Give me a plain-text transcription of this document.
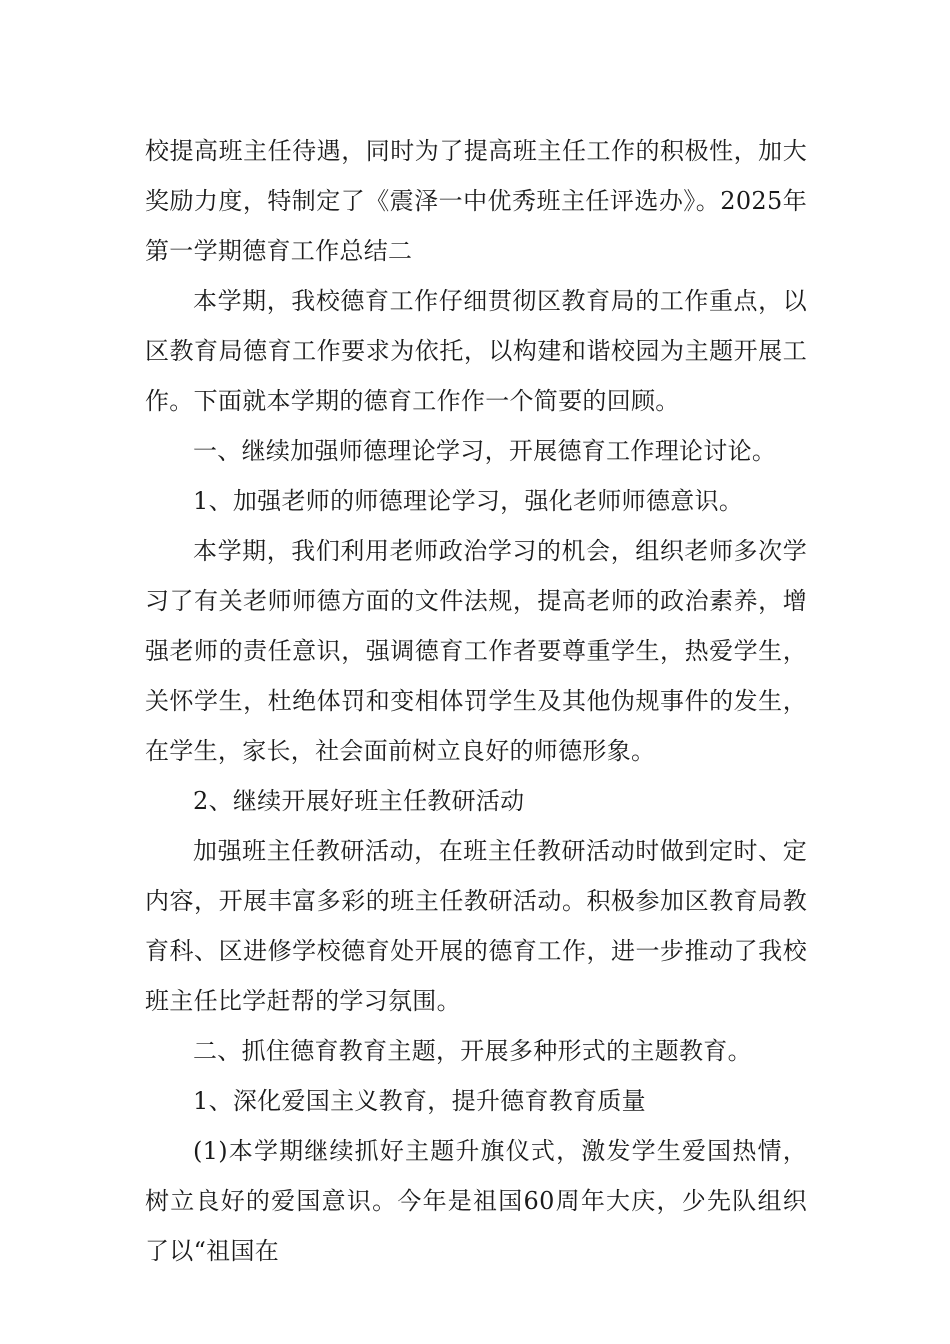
校提高班主任待遇，同时为了提高班主任工作的积极性，加大奖励力度，特制定了《震泽一中优秀班主任评选办》。2025年第一学期德育工作总结二

本学期，我校德育工作仔细贯彻区教育局的工作重点，以区教育局德育工作要求为依托，以构建和谐校园为主题开展工作。下面就本学期的德育工作作一个简要的回顾。

一、继续加强师德理论学习，开展德育工作理论讨论。

1、加强老师的师德理论学习，强化老师师德意识。

本学期，我们利用老师政治学习的机会，组织老师多次学习了有关老师师德方面的文件法规，提高老师的政治素养，增强老师的责任意识，强调德育工作者要尊重学生，热爱学生，关怀学生，杜绝体罚和变相体罚学生及其他伪规事件的发生，在学生，家长，社会面前树立良好的师德形象。

2、继续开展好班主任教研活动

加强班主任教研活动，在班主任教研活动时做到定时、定内容，开展丰富多彩的班主任教研活动。积极参加区教育局教育科、区进修学校德育处开展的德育工作，进一步推动了我校班主任比学赶帮的学习氛围。

二、抓住德育教育主题，开展多种形式的主题教育。

1、深化爱国主义教育，提升德育教育质量

(1)本学期继续抓好主题升旗仪式，激发学生爱国热情，树立良好的爱国意识。今年是祖国60周年大庆，少先队组织了以“祖国在
